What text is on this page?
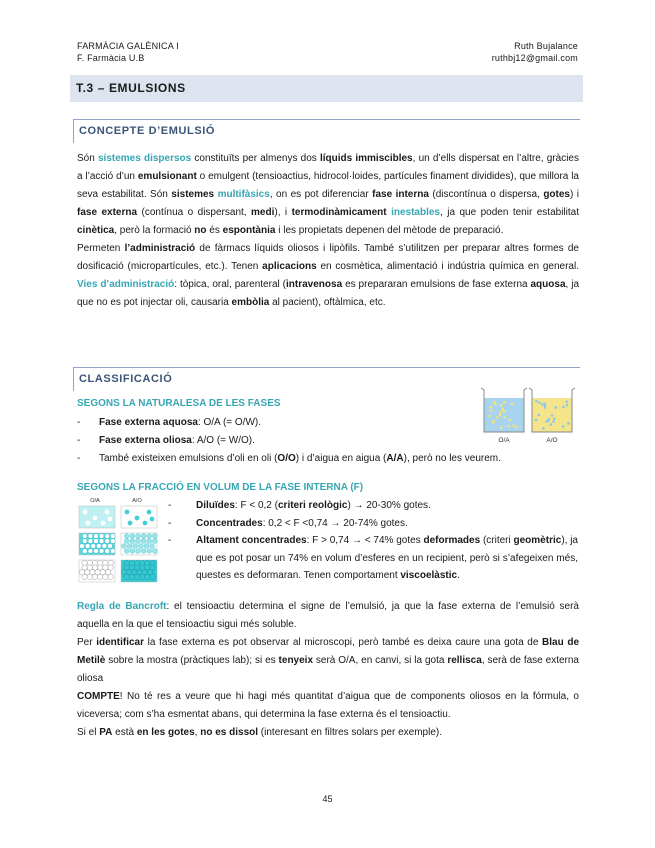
FARMÀCIA GALÈNICA I
F. Farmàcia U.B
Ruth Bujalance
ruthbj12@gmail.com
T.3 – EMULSIONS
CONCEPTE D’EMULSIÓ

Són sistemes dispersos constituïts per almenys dos líquids immiscibles, un d’ells dispersat en l’altre, gràcies a l’acció d’un emulsionant o emulgent (tensioactius, hidrocol·loides, partícules finament dividides), que millora la seva estabilitat. Són sistemes multifàsics, on es pot diferenciar fase interna (discontínua o dispersa, gotes) i fase externa (contínua o dispersant, medi), i termodinàmicament inestables, ja que poden tenir estabilitat cinètica, però la formació no és espontània i les propietats depenen del mètode de preparació.

Permeten l’administració de fàrmacs líquids oliosos i lipòfils. També s’utilitzen per preparar altres formes de dosificació (micropartícules, etc.). Tenen aplicacions en cosmètica, alimentació i indústria química en general. Vies d’administració: tòpica, oral, parenteral (intravenosa es prepararan emulsions de fase externa aquosa, ja que no es pot injectar oli, causaria embòlia al pacient), oftàlmica, etc.

CLASSIFICACIÓ
SEGONS LA NATURALESA DE LES FASES
-	Fase externa aquosa: O/A (= O/W).
-	Fase externa oliosa: A/O (= W/O).
-	També existeixen emulsions d’oli en oli (O/O) i d’aigua en aigua (A/A), però no les veurem.
O/A	A/O
SEGONS LA FRACCIÓ EN VOLUM DE LA FASE INTERNA (F)
O/A	A/O	-	Diluïdes: F < 0,2 (criteri reològic) → 20-30% gotes.
-	Concentrades: 0,2 < F <0,74 → 20-74% gotes.
-	Altament concentrades: F > 0,74 → < 74% gotes deformades (criteri geomètric), ja que es pot posar un 74% en volum d’esferes en un recipient, però si s’afegeixen més, questes es deformaran. Tenen comportament viscoelàstic.

Regla de Bancroft: el tensioactiu determina el signe de l’emulsió, ja que la fase externa de l’emulsió serà aquella en la que el tensioactiu sigui més soluble.

Per identificar la fase externa es pot observar al microscopi, però també es deixa caure una gota de Blau de Metilè sobre la mostra (pràctiques lab); si es tenyeix serà O/A, en canvi, si la gota rellisca, serà de fase externa oliosa

COMPTE! No té res a veure que hi hagi més quantitat d’aigua que de components oliosos en la fórmula, o viceversa; com s’ha esmentat abans, qui determina la fase externa és el tensioactiu.

Si el PA està en les gotes, no es dissol (interesant en filtres solars per exemple).

45
